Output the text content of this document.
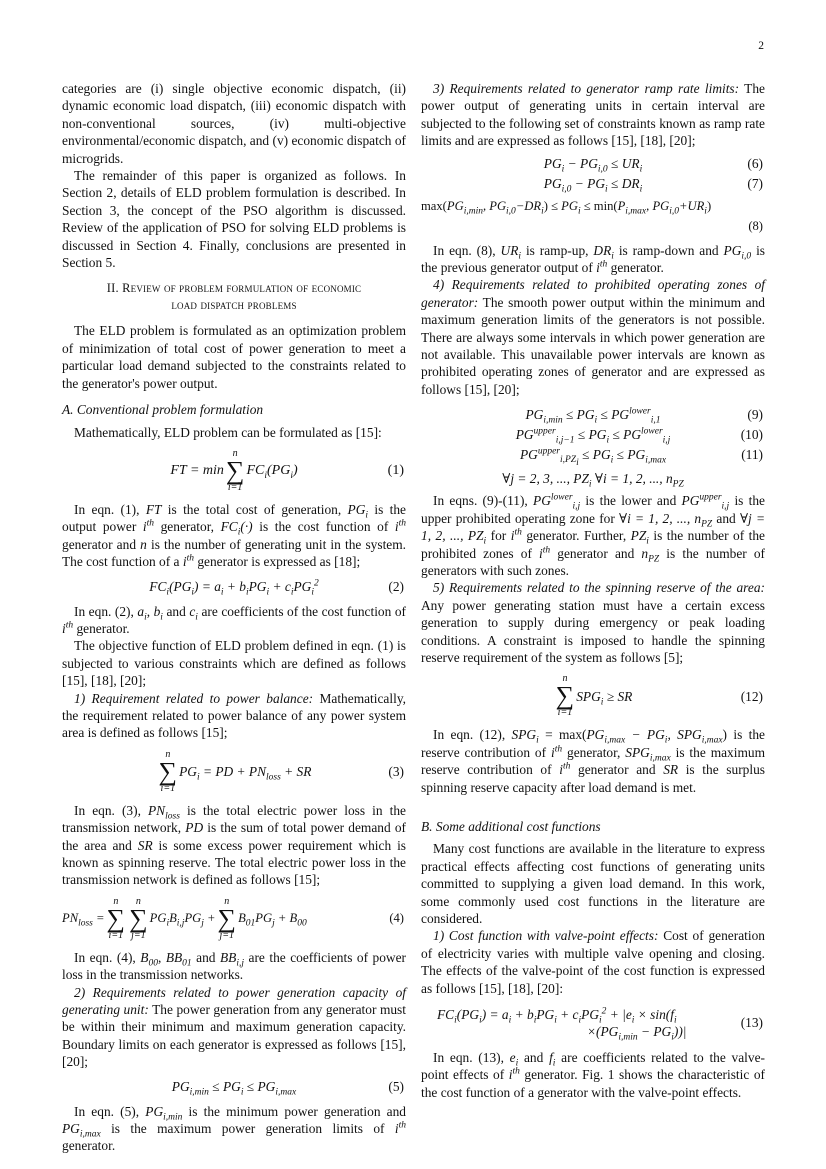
2

categories are (i) single objective economic dispatch, (ii) dynamic economic load dispatch, (iii) economic dispatch with non-conventional sources, (iv) multi-objective environmental/economic dispatch, and (v) economic dispatch of microgrids.

The remainder of this paper is organized as follows. In Section 2, details of ELD problem formulation is described. In Section 3, the concept of the PSO algorithm is discussed. Review of the application of PSO for solving ELD problems is discussed in Section 4. Finally, conclusions are presented in Section 5.

II. Review of problem formulation of economic
load dispatch problems

The ELD problem is formulated as an optimization problem of minimization of total cost of power generation to meet a particular load demand subjected to the constraints related to the generator's power output.

A. Conventional problem formulation

Mathematically, ELD problem can be formulated as [15]:

FT = min
n
∑
i=1
$FC_i(PG_i)$	(1)

In eqn. (1), FT is the total cost of generation, $PG_i$ is the output power $i^{th}$ generator, $FC_i(\cdot)$ is the cost function of $i^{th}$ generator and n is the number of generating unit in the system. The cost function of a $i^{th}$ generator is expressed as [18];

$FC_i(PG_i) = a_i + b_iPG_i + c_iPG_i^2$	(2)

In eqn. (2), $a_i$, $b_i$ and $c_i$ are coefficients of the cost function of $i^{th}$ generator.

The objective function of ELD problem defined in eqn. (1) is subjected to various constraints which are defined as follows [15], [18], [20];

1) Requirement related to power balance: Mathematically, the requirement related to power balance of any power system area is defined as follows [15];

n
∑
i=1
$PG_i$ = PD + $PN_{loss}$ + SR	(3)

In eqn. (3), $PN_{loss}$ is the total electric power loss in the transmission network, PD is the sum of total power demand of the area and SR is some excess power requirement which is known as spinning reserve. The total electric power loss in the transmission network is defined as follows [15];

$PN_{loss}$ =
n
∑
i=1
n
∑
j=1
$PG_iB_{i,j}PG_j$ +
n
∑
j=1
$B_{01}PG_j + B_{00}$	(4)

In eqn. (4), $B_{00}$, $BB_{01}$ and $BB_{i,j}$ are the coefficients of power loss in the transmission networks.

2) Requirements related to power generation capacity of generating unit: The power generation from any generator must be within their minimum and maximum generation capacity. Boundary limits on each generator is expressed as follows [15], [20];

$PG_{i,min} \le PG_i \le PG_{i,max}$	(5)

In eqn. (5), $PG_{i,min}$ is the minimum power generation and $PG_{i,max}$ is the maximum power generation limits of $i^{th}$ generator.

3) Requirements related to generator ramp rate limits: The power output of generating units in certain interval are subjected to the following set of constraints known as ramp rate limits and are expressed as follows [15], [18], [20];

$PG_i - PG_{i,0} \le UR_i$	(6)
$PG_{i,0} - PG_i \le DR_i$	(7)
$\max(PG_{i,min}$, $PG_{i,0}-DR_i) \le PG_i \le \min(P_{i,max}$, $PG_{i,0}+UR_i$)
(8)

In eqn. (8), $UR_i$ is ramp-up, $DR_i$ is ramp-down and $PG_{i,0}$ is the previous generator output of $i^{th}$ generator.

4) Requirements related to prohibited operating zones of generator: The smooth power output within the minimum and maximum generation limits of the generators is not possible. There are always some intervals in which power generation are not available. This unavailable power intervals are known as prohibited operating zones of generator and are expressed as follows [15], [20];

$PG_{i,min} \le PG_i \le PG^{lower}_{i,1}$	(9)
$PG^{upper}_{i,j-1} \le PG_i \le PG^{lower}_{i,j}$	(10)
$PG^{upper}_{i,PZ_i} \le PG_i \le PG_{i,max}$	(11)
∀j = 2, 3, ..., $PZ_i$ ∀i = 1, 2, ..., $n_{PZ}$

In eqns. (9)-(11), $PG^{lower}_{i,j}$ is the lower and $PG^{upper}_{i,j}$ is the upper prohibited operating zone for ∀i = 1, 2, ..., $n_{PZ}$ and ∀j = 1, 2, ..., $PZ_i$ for $i^{th}$ generator. Further, $PZ_i$ is the number of the prohibited zones of $i^{th}$ generator and $n_{PZ}$ is the number of generators with such zones.

5) Requirements related to the spinning reserve of the area: Any power generating station must have a certain excess generation to supply during emergency or peak loading conditions. A constraint is imposed to handle the spinning reserve requirement of the system as follows [5];

n
∑
i=1
$SPG_i$ ≥ SR	(12)

In eqn. (12), $SPG_i = \max(PG_{i,max} - PG_i$, $SPG_{i,max}$) is the reserve contribution of $i^{th}$ generator, $SPG_{i,max}$ is the maximum reserve contribution of $i^{th}$ generator and SR is the surplus spinning reserve capacity after load demand is met.

B. Some additional cost functions

Many cost functions are available in the literature to express practical effects affecting cost functions of generating units committed to supplying a given load demand. In this work, some commonly used cost functions in the literature are considered.

1) Cost function with valve-point effects: Cost of generation of electricity varies with multiple valve opening and closing. The effects of the valve-point of the cost function is expressed as follows [15], [18], [20]:

$FC_i(PG_i) = a_i + b_iPG_i + c_iPG_i^2 + |e_i \times \sin(f_i$
$\times(PG_{i,min} - PG_i))|$
(13)

In eqn. (13), $e_i$ and $f_i$ are coefficients related to the valve-point effects of $i^{th}$ generator. Fig. 1 shows the characteristic of the cost function of a generator with the valve-point effects.
